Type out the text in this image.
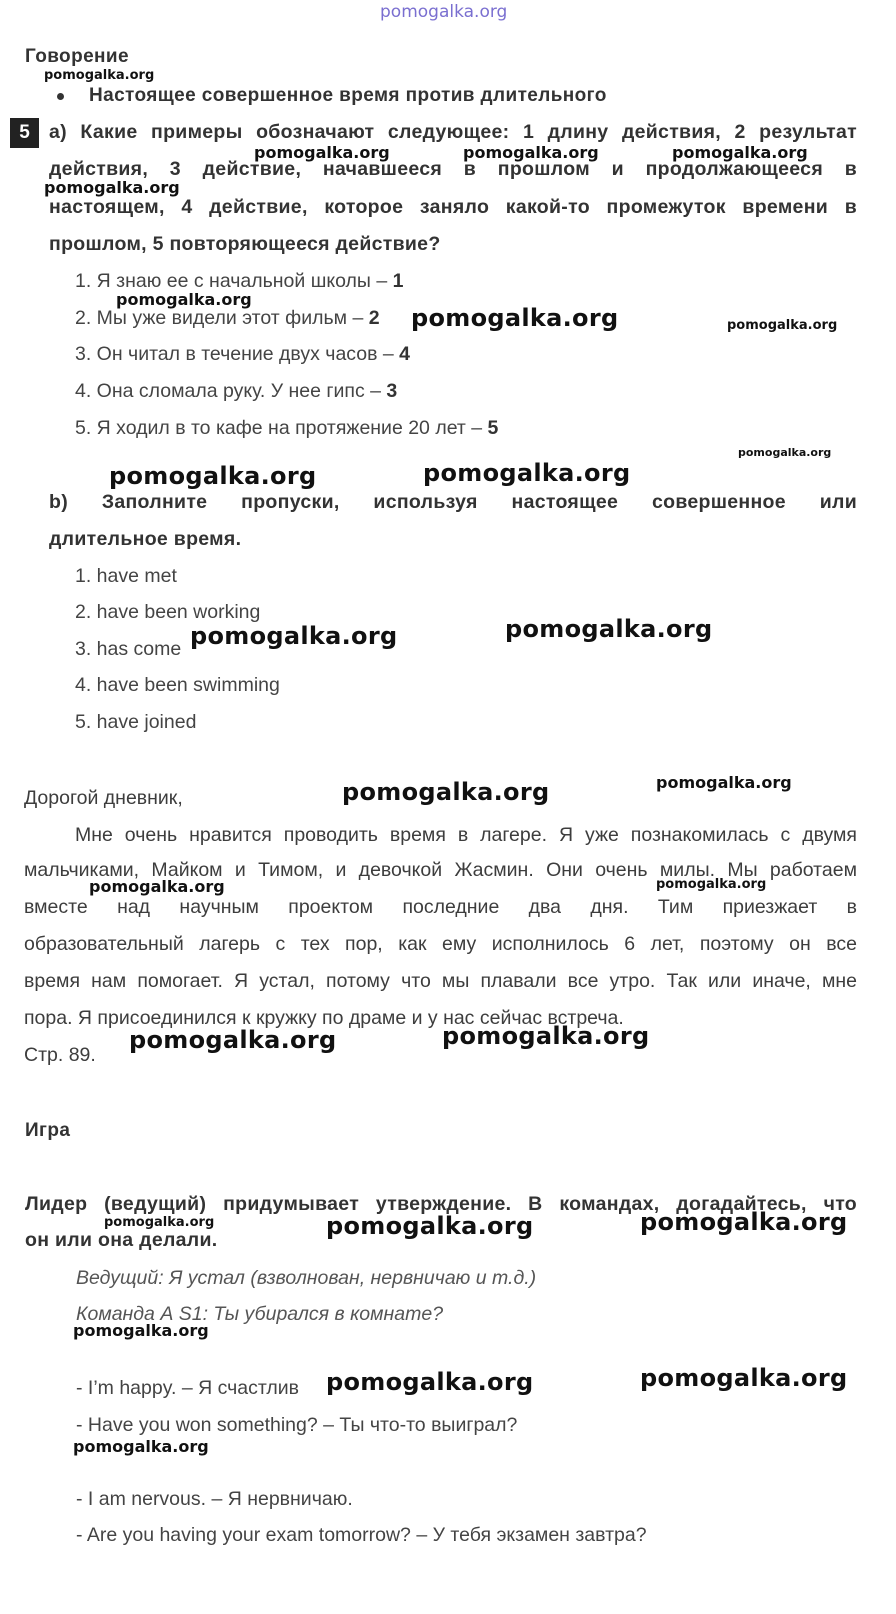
pomogalka.org
Говорение
Настоящее совершенное время против длительного
5 а) Какие примеры обозначают следующее: 1 длину действия, 2 результат
действия, 3 действие, начавшееся в прошлом и продолжающееся в
настоящем, 4 действие, которое заняло какой-то промежуток времени в
прошлом, 5 повторяющееся действие?
1. Я знаю ее с начальной школы – 1
2. Мы уже видели этот фильм – 2
3. Он читал в течение двух часов – 4
4. Она сломала руку. У нее гипс – 3
5. Я ходил в то кафе на протяжение 20 лет – 5
b) Заполните пропуски, используя настоящее совершенное или
длительное время.
1. have met
2. have been working
3. has come
4. have been swimming
5. have joined
Дорогой дневник,
Мне очень нравится проводить время в лагере. Я уже познакомилась с двумя
мальчиками, Майком и Тимом, и девочкой Жасмин. Они очень милы. Мы работаем
вместе над научным проектом последние два дня. Тим приезжает в
образовательный лагерь с тех пор, как ему исполнилось 6 лет, поэтому он все
время нам помогает. Я устал, потому что мы плавали все утро. Так или иначе, мне
пора. Я присоединился к кружку по драме и у нас сейчас встреча.
Стр. 89.
Игра
Лидер (ведущий) придумывает утверждение. В командах, догадайтесь, что
он или она делали.
Ведущий: Я устал (взволнован, нервничаю и т.д.)
Команда А S1: Ты убирался в комнате?
- I’m happy. – Я счастлив
- Have you won something? – Ты что-то выиграл?
- I am nervous. – Я нервничаю.
- Are you having your exam tomorrow? – У тебя экзамен завтра?
pomogalka.org
pomogalka.org	pomogalka.org	pomogalka.org
pomogalka.org
pomogalka.org
pomogalka.org	pomogalka.org
pomogalka.org
pomogalka.org	pomogalka.org
pomogalka.org	pomogalka.org
pomogalka.org
pomogalka.org
pomogalka.org	pomogalka.org
pomogalka.org	pomogalka.org
pomogalka.org	pomogalka.org	pomogalka.org
pomogalka.org
pomogalka.org	pomogalka.org
pomogalka.org
